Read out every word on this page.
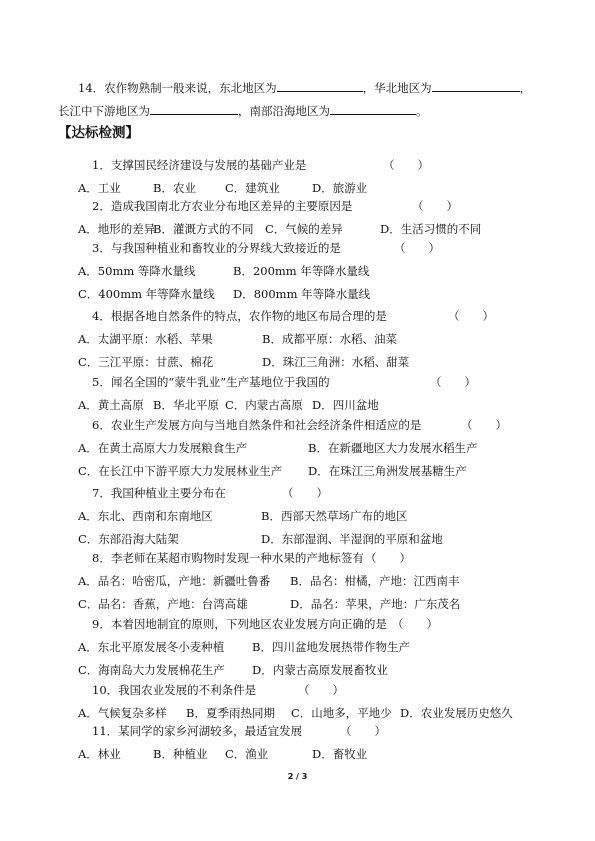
14．农作物熟制一般来说，东北地区为	，华北地区为	，
长江中下游地区为	，南部沿海地区为	。
【达标检测】
1．支撑国民经济建设与发展的基础产业是	（　　）
A．工业	B．农业	C．建筑业	D．旅游业
2．造成我国南北方农业分布地区差异的主要原因是	（　　）
A．地形的差异
B．灌溉方式的不同 C．气候的差异	D．生活习惯的不同
3．与我国种植业和畜牧业的分界线大致接近的是	（　　）
A．50mm 等降水量线	B．200mm 年等降水量线
C．400mm 年等降水量线 D．800mm 年等降水量线
4．根据各地自然条件的特点，农作物的地区布局合理的是	（　　）
A．太湖平原：水稻、苹果	B．成都平原：水稻、油菜
C．三江平原：甘蔗、棉花	D．珠江三角洲：水稻、甜菜
5．闻名全国的“蒙牛乳业”生产基地位于我国的	（　　）
A．黄土高原 B．华北平原 C．内蒙古高原 D．四川盆地
6．农业生产发展方向与当地自然条件和社会经济条件相适应的是	（　　）
A．在黄土高原大力发展粮食生产	B．在新疆地区大力发展水稻生产
C．在长江中下游平原大力发展林业生产 D．在珠江三角洲发展基糖生产
7．我国种植业主要分布在	（　　）
A．东北、西南和东南地区	B．西部天然草场广布的地区
C．东部沿海大陆架	D．东部湿润、半湿润的平原和盆地
8．李老师在某超市购物时发现一种水果的产地标签有 （　　）
A．品名：哈密瓜，产地：新疆吐鲁番 B．品名：柑橘，产地：江西南丰
C．品名：香蕉，产地：台湾高雄	D．品名：苹果，产地：广东茂名
9．本着因地制宜的原则，下列地区农业发展方向正确的是 （　　）
A．东北平原发展冬小麦种植 B．四川盆地发展热带作物生产
C．海南岛大力发展棉花生产 D．内蒙古高原发展畜牧业
10．我国农业发展的不利条件是	（　　）
A．气候复杂多样 B．夏季雨热同期 C．山地多，平地少 D．农业发展历史悠久
11．某同学的家乡河湖较多，最适宜发展	（　　）
A．林业	B．种植业 C．渔业	D．畜牧业
2 / 3
